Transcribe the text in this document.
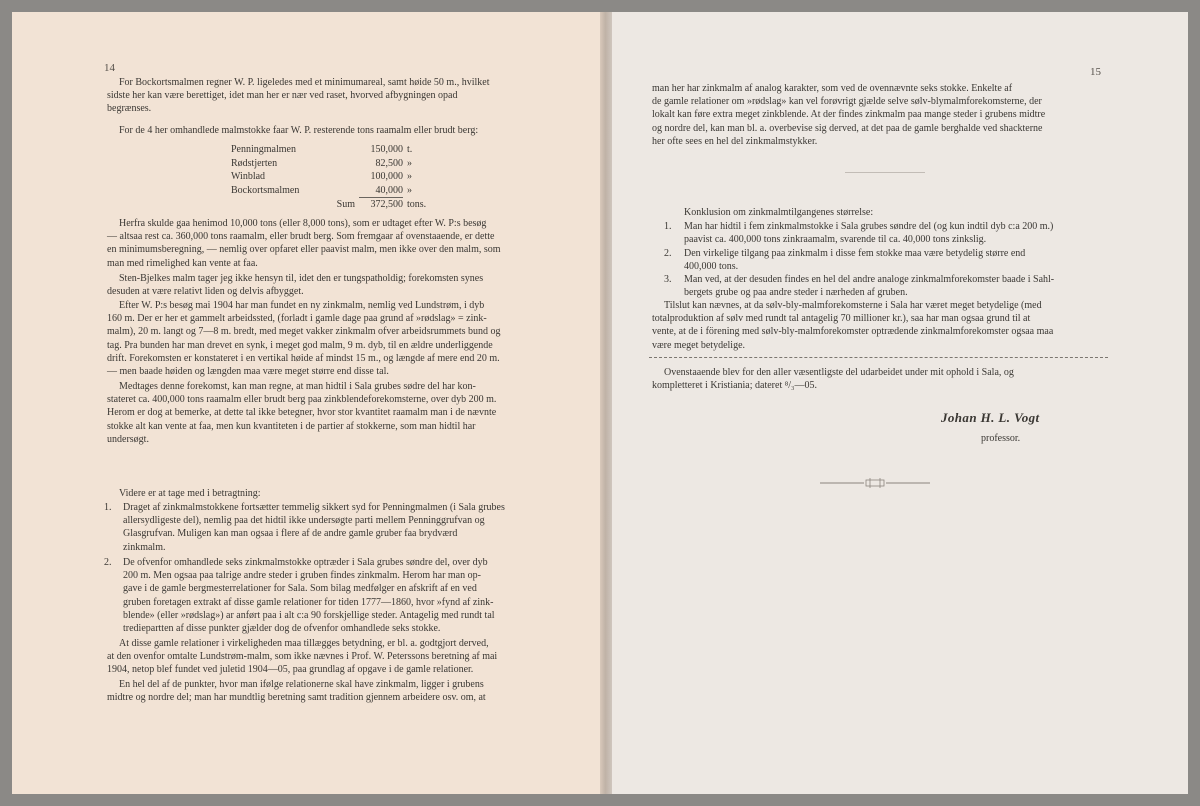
14
For Bockortsmalmen regner W. P. ligeledes med et minimumareal, samt høide 50 m., hvilket
sidste her kan være berettiget, idet man her er nær ved raset, hvorved afbygningen opad
begrænses.
For de 4 her omhandlede malmstokke faar W. P. resterende tons raamalm eller brudt berg:
Penningmalmen	150,000	t.
Rødstjerten	82,500	»
Winblad	100,000	»
Bockortsmalmen	40,000	»
Sum	372,500	tons.
Herfra skulde gaa henimod 10,000 tons (eller 8,000 tons), som er udtaget efter W. P:s besøg
— altsaa rest ca. 360,000 tons raamalm, eller brudt berg. Som fremgaar af ovenstaaende, er dette
en minimumsberegning, — nemlig over opfaret eller paavist malm, men ikke over den malm, som
man med rimelighed kan vente at faa.
Sten-Bjelkes malm tager jeg ikke hensyn til, idet den er tungspatholdig; forekomsten synes
desuden at være relativt liden og delvis afbygget.
Efter W. P:s besøg mai 1904 har man fundet en ny zinkmalm, nemlig ved Lundstrøm, i dyb
160 m. Der er her et gammelt arbeidssted, (forladt i gamle dage paa grund af »rødslag» = zink-
malm), 20 m. langt og 7—8 m. bredt, med meget vakker zinkmalm ofver arbeidsrummets bund og
tag. Pra bunden har man drevet en synk, i meget god malm, 9 m. dyb, til en ældre underliggende
drift. Forekomsten er konstateret i en vertikal høide af mindst 15 m., og længde af mere end 20 m.
— men baade høiden og længden maa være meget større end disse tal.
Medtages denne forekomst, kan man regne, at man hidtil i Sala grubes sødre del har kon-
stateret ca. 400,000 tons raamalm eller brudt berg paa zinkblendeforekomsterne, over dyb 200 m.
Herom er dog at bemerke, at dette tal ikke betegner, hvor stor kvantitet raamalm man i de nævnte
stokke alt kan vente at faa, men kun kvantiteten i de partier af stokkerne, som man hidtil har
undersøgt.
Videre er at tage med i betragtning:
1. Draget af zinkmalmstokkene fortsætter temmelig sikkert syd for Penningmalmen (i Sala grubes
allersydligeste del), nemlig paa det hidtil ikke undersøgte parti mellem Penninggrufvan og
Glasgrufvan. Muligen kan man ogsaa i flere af de andre gamle gruber faa brydværd
zinkmalm.
2. De ofvenfor omhandlede seks zinkmalmstokke optræder i Sala grubes søndre del, over dyb
200 m. Men ogsaa paa talrige andre steder i gruben findes zinkmalm. Herom har man op-
gave i de gamle bergmesterrelationer for Sala. Som bilag medfølger en afskrift af en ved
gruben foretagen extrakt af disse gamle relationer for tiden 1777—1860, hvor »fynd af zink-
blende» (eller »rødslag») ar anført paa i alt c:a 90 forskjellige steder. Antagelig med rundt tal
trediepartten af disse punkter gjælder dog de ofvenfor omhandlede seks stokke.
At disse gamle relationer i virkeligheden maa tillægges betydning, er bl. a. godtgjort derved,
at den ovenfor omtalte Lundstrøm-malm, som ikke nævnes i Prof. W. Peterssons beretning af mai
1904, netop blef fundet ved juletid 1904—05, paa grundlag af opgave i de gamle relationer.
En hel del af de punkter, hvor man ifølge relationerne skal have zinkmalm, ligger i grubens
midtre og nordre del; man har mundtlig beretning samt tradition gjennem arbeidere osv. om, at
15
man her har zinkmalm af analog karakter, som ved de ovennævnte seks stokke. Enkelte af
de gamle relationer om »rødslag» kan vel forøvrigt gjælde selve sølv-blymalmforekomsterne, der
lokalt kan føre extra meget zinkblende. At der findes zinkmalm paa mange steder i grubens midtre
og nordre del, kan man bl. a. overbevise sig derved, at det paa de gamle berghalde ved shackterne
her ofte sees en hel del zinkmalmstykker.
Konklusion om zinkmalmtilgangenes størrelse:
1. Man har hidtil i fem zinkmalmstokke i Sala grubes søndre del (og kun indtil dyb c:a 200 m.)
paavist ca. 400,000 tons zinkraamalm, svarende til ca. 40,000 tons zinkslig.
2. Den virkelige tilgang paa zinkmalm i disse fem stokke maa være betydelig større end
400,000 tons.
3. Man ved, at der desuden findes en hel del andre analoge zinkmalmforekomster baade i Sahl-
bergets grube og paa andre steder i nærheden af gruben.
Tilslut kan nævnes, at da sølv-bly-malmforekomsterne i Sala har været meget betydelige (med
totalproduktion af sølv med rundt tal antagelig 70 millioner kr.), saa har man ogsaa grund til at
vente, at de i förening med sølv-bly-malmforekomster optrædende zinkmalmforekomster ogsaa maa
være meget betydelige.
Ovenstaaende blev for den aller væsentligste del udarbeidet under mit ophold i Sala, og
kompletteret i Kristiania; dateret ⁸/₃—05.
Johan H. L. Vogt
professor.
